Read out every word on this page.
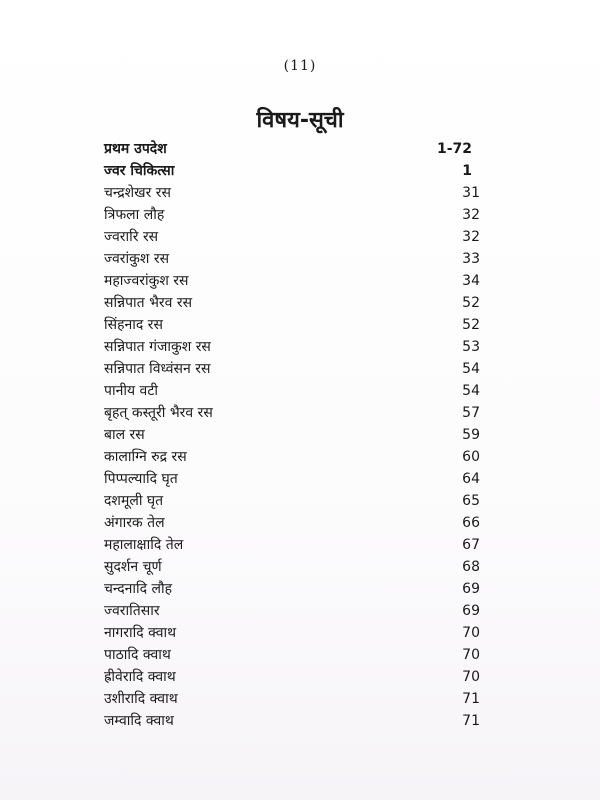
(11)
विषय-सूची
प्रथम उपदेश	1-72
ज्वर चिकित्सा	1
चन्द्रशेखर रस	31
त्रिफला लौह	32
ज्वरारि रस	32
ज्वरांकुश रस	33
महाज्वरांकुश रस	34
सन्निपात भैरव रस	52
सिंहनाद रस	52
सन्निपात गंजाकुश रस	53
सन्निपात विध्वंसन रस	54
पानीय वटी	54
बृहत् कस्तूरी भैरव रस	57
बाल रस	59
कालाग्नि रुद्र रस	60
पिप्पल्यादि घृत	64
दशमूली घृत	65
अंगारक तेल	66
महालाक्षादि तेल	67
सुदर्शन चूर्ण	68
चन्दनादि लौह	69
ज्वरातिसार	69
नागरादि क्वाथ	70
पाठादि क्वाथ	70
ह्रीवेरादि क्वाथ	70
उशीरादि क्वाथ	71
जम्वादि क्वाथ	71
